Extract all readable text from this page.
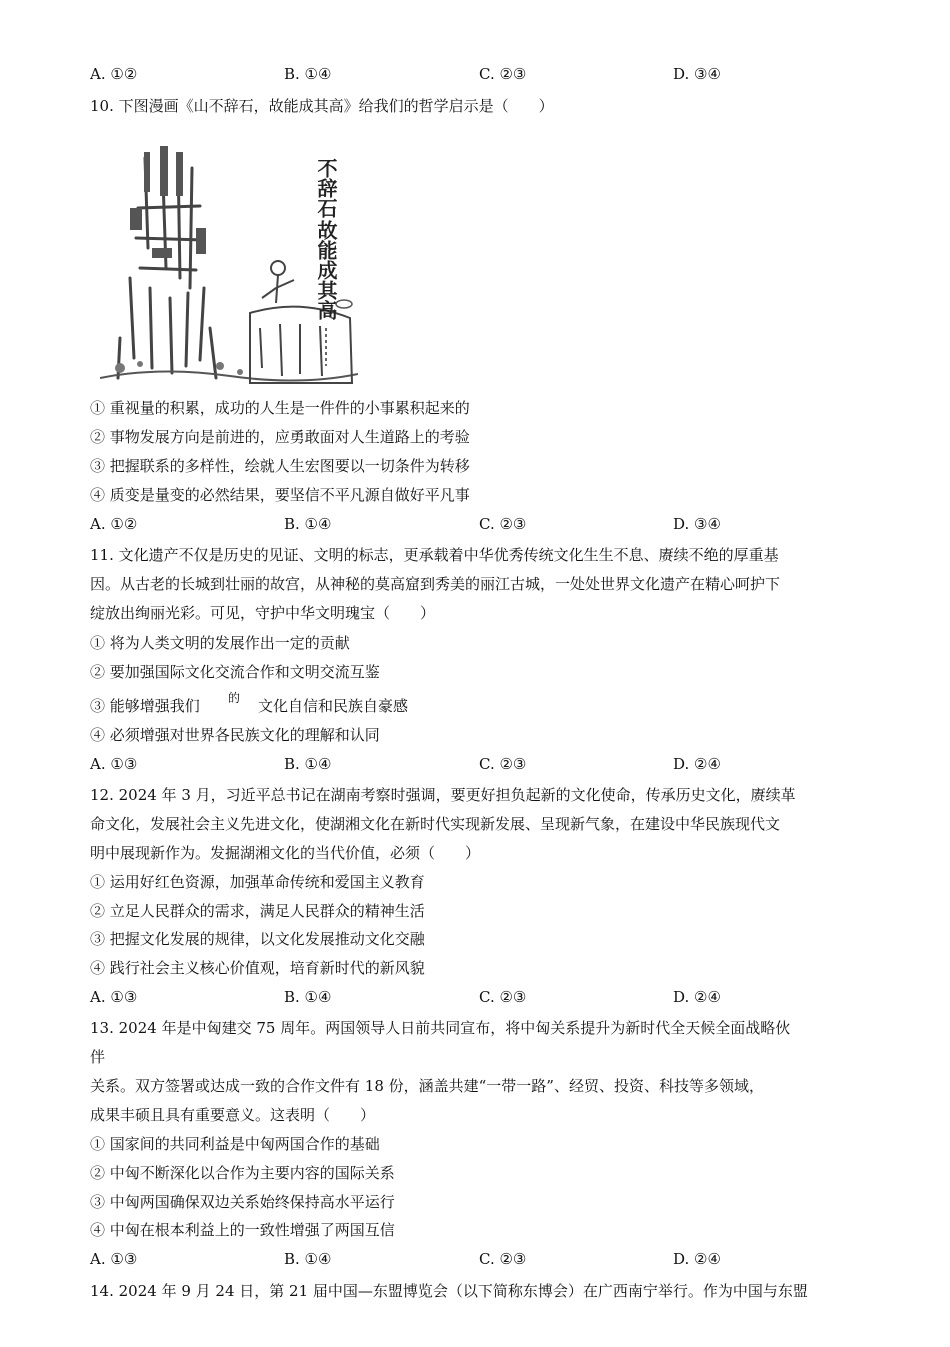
A. ①②	B. ①④	C. ②③	D. ③④
10. 下图漫画《山不辞石，故能成其高》给我们的哲学启示是（　　）
不辞石
故能成其高
① 重视量的积累，成功的人生是一件件的小事累积起来的
② 事物发展方向是前进的，应勇敢面对人生道路上的考验
③ 把握联系的多样性，绘就人生宏图要以一切条件为转移
④ 质变是量变的必然结果，要坚信不平凡源自做好平凡事
A. ①②	B. ①④	C. ②③	D. ③④
11. 文化遗产不仅是历史的见证、文明的标志，更承载着中华优秀传统文化生生不息、赓续不绝的厚重基
因。从古老的长城到壮丽的故宫，从神秘的莫高窟到秀美的丽江古城，一处处世界文化遗产在精心呵护下
绽放出绚丽光彩。可见，守护中华文明瑰宝（　　）
① 将为人类文明的发展作出一定的贡献
② 要加强国际文化交流合作和文明交流互鉴
③ 能够增强我们 的 文化自信和民族自豪感
④ 必须增强对世界各民族文化的理解和认同
A. ①③	B. ①④	C. ②③	D. ②④
12. 2024 年 3 月，习近平总书记在湖南考察时强调，要更好担负起新的文化使命，传承历史文化，赓续革
命文化，发展社会主义先进文化，使湖湘文化在新时代实现新发展、呈现新气象，在建设中华民族现代文
明中展现新作为。发掘湖湘文化的当代价值，必须（　　）
① 运用好红色资源，加强革命传统和爱国主义教育
② 立足人民群众的需求，满足人民群众的精神生活
③ 把握文化发展的规律，以文化发展推动文化交融
④ 践行社会主义核心价值观，培育新时代的新风貌
A. ①③	B. ①④	C. ②③	D. ②④
13. 2024 年是中匈建交 75 周年。两国领导人日前共同宣布，将中匈关系提升为新时代全天候全面战略伙
伴
关系。双方签署或达成一致的合作文件有 18 份，涵盖共建“一带一路”、经贸、投资、科技等多领域，
成果丰硕且具有重要意义。这表明（　　）
① 国家间的共同利益是中匈两国合作的基础
② 中匈不断深化以合作为主要内容的国际关系
③ 中匈两国确保双边关系始终保持高水平运行
④ 中匈在根本利益上的一致性增强了两国互信
A. ①③	B. ①④	C. ②③	D. ②④
14. 2024 年 9 月 24 日，第 21 届中国—东盟博览会（以下简称东博会）在广西南宁举行。作为中国与东盟
